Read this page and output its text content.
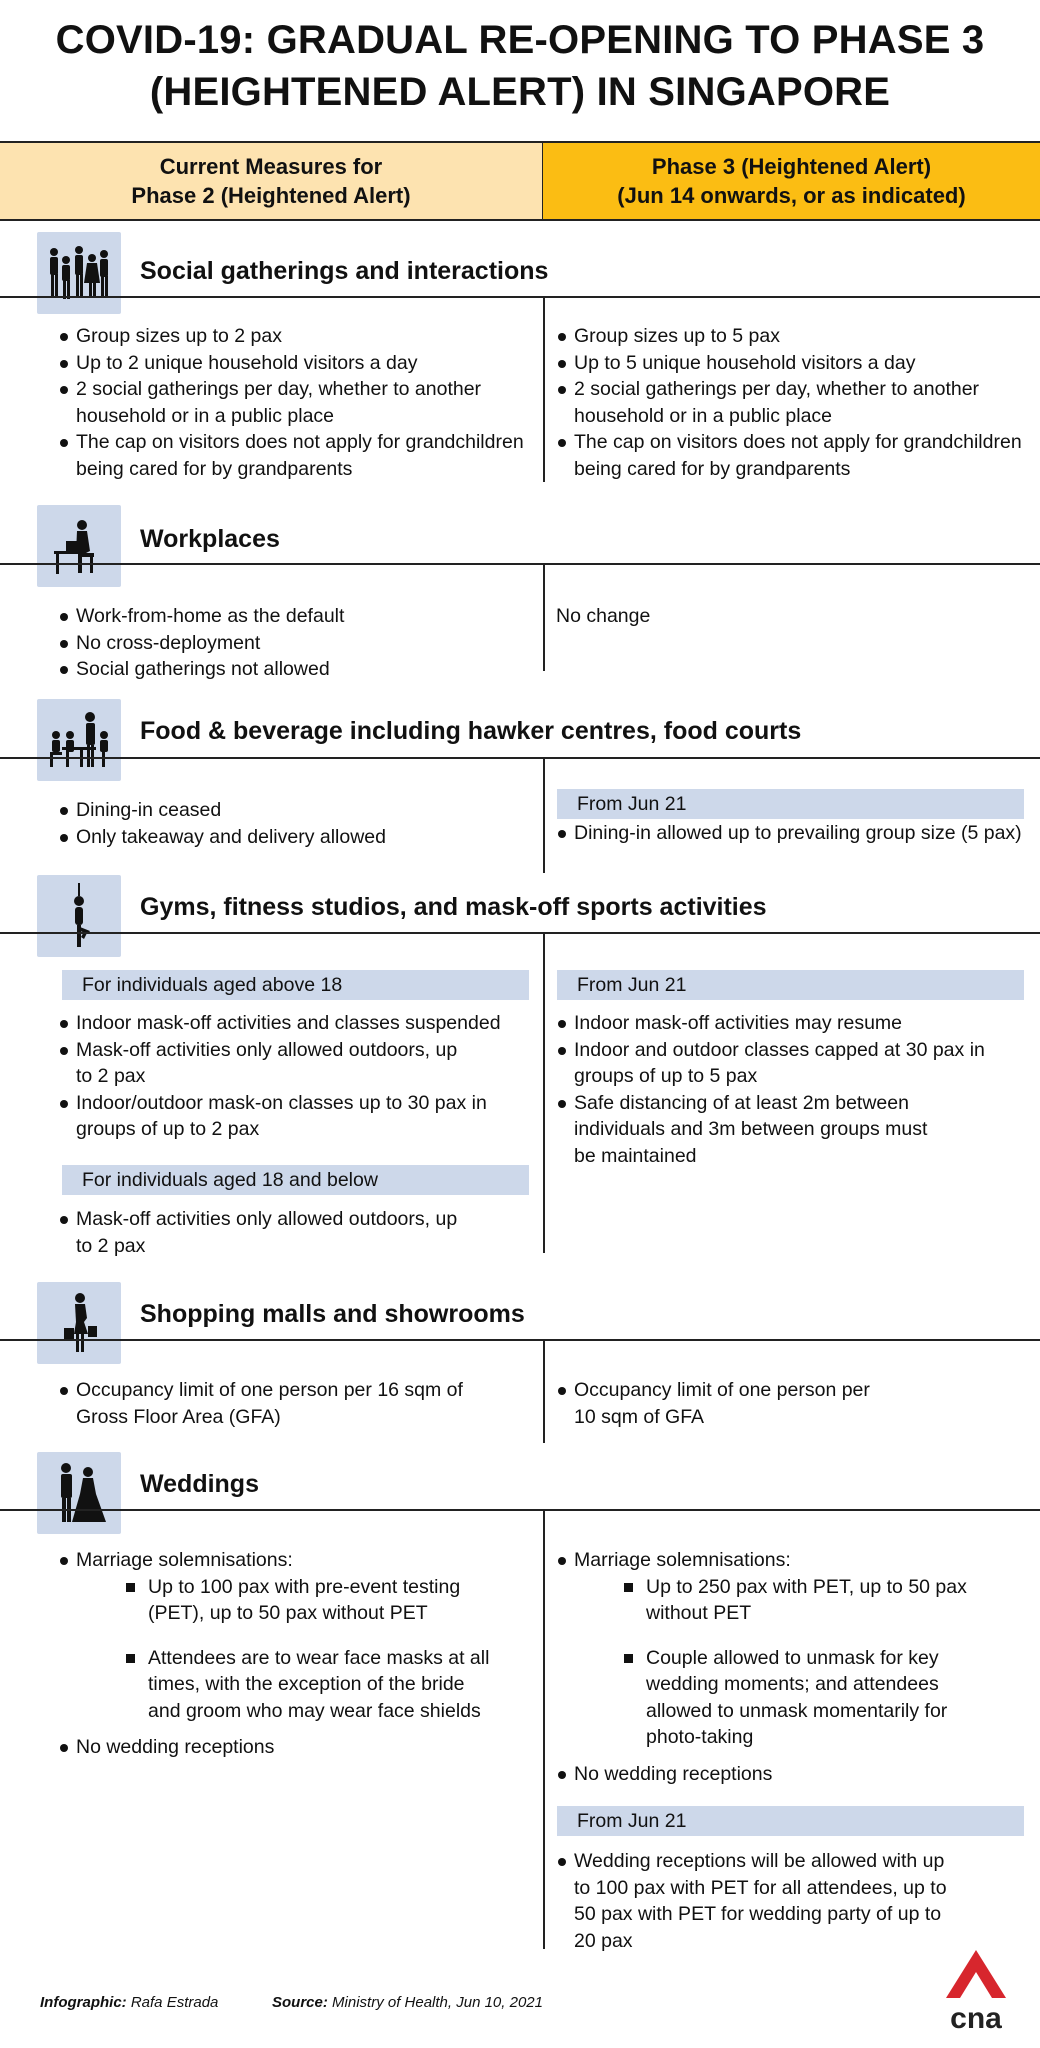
COVID-19: GRADUAL RE-OPENING TO PHASE 3
(HEIGHTENED ALERT) IN SINGAPORE
Current Measures for
Phase 2 (Heightened Alert)
Phase 3 (Heightened Alert)
(Jun 14 onwards, or as indicated)
Social gatherings and interactions
Group sizes up to 2 pax
Up to 2 unique household visitors a day
2 social gatherings per day, whether to another household or in a public place
The cap on visitors does not apply for grandchildren being cared for by grandparents
Group sizes up to 5 pax
Up to 5 unique household visitors a day
2 social gatherings per day, whether to another household or in a public place
The cap on visitors does not apply for grandchildren being cared for by grandparents
Workplaces
Work-from-home as the default
No cross-deployment
Social gatherings not allowed
No change
Food & beverage including hawker centres, food courts
Dining-in ceased
Only takeaway and delivery allowed
From Jun 21
Dining-in allowed up to prevailing group size (5 pax)
Gyms, fitness studios, and mask-off sports activities
For individuals aged above 18
Indoor mask-off activities and classes suspended
Mask-off activities only allowed outdoors, up to 2 pax
Indoor/outdoor mask-on classes up to 30 pax in groups of up to 2 pax
For individuals aged 18 and below
Mask-off activities only allowed outdoors, up to 2 pax
From Jun 21
Indoor mask-off activities may resume
Indoor and outdoor classes capped at 30 pax in groups of up to 5 pax
Safe distancing of at least 2m between individuals and 3m between groups must be maintained
Shopping malls and showrooms
Occupancy limit of one person per 16 sqm of Gross Floor Area (GFA)
Occupancy limit of one person per 10 sqm of GFA
Weddings
Marriage solemnisations:
Up to 100 pax with pre-event testing (PET), up to 50 pax without PET
Attendees are to wear face masks at all times, with the exception of the bride and groom who may wear face shields
No wedding receptions
Marriage solemnisations:
Up to 250 pax with PET, up to 50 pax without PET
Couple allowed to unmask for key wedding moments; and attendees allowed to unmask momentarily for photo-taking
No wedding receptions
From Jun 21
Wedding receptions will be allowed with up to 100 pax with PET for all attendees, up to 50 pax with PET for wedding party of up to 20 pax
Infographic: Rafa Estrada	Source: Ministry of Health, Jun 10, 2021	cna
